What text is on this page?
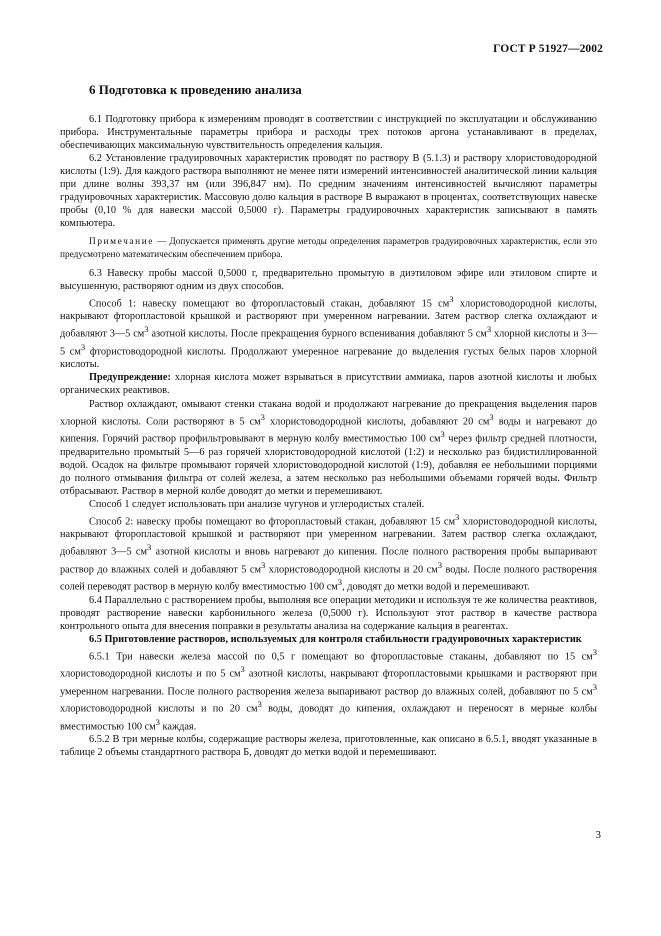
ГОСТ Р 51927—2002
6 Подготовка к проведению анализа

6.1 Подготовку прибора к измерениям проводят в соответствии с инструкцией по эксплуатации и обслуживанию прибора. Инструментальные параметры прибора и расходы трех потоков аргона устанавливают в пределах, обеспечивающих максимальную чувствительность определения кальция.

6.2 Установление градуировочных характеристик проводят по раствору В (5.1.3) и раствору хлористоводородной кислоты (1:9). Для каждого раствора выполняют не менее пяти измерений интенсивностей аналитической линии кальция при длине волны 393,37 нм (или 396,847 нм). По средним значениям интенсивностей вычисляют параметры градуировочных характеристик. Массовую долю кальция в растворе В выражают в процентах, соответствующих навеске пробы (0,10 % для навески массой 0,5000 г). Параметры градуировочных характеристик записывают в память компьютера.

Примечание — Допускается применять другие методы определения параметров градуировочных характеристик, если это предусмотрено математическим обеспечением прибора.

6.3 Навеску пробы массой 0,5000 г, предварительно промытую в диэтиловом эфире или этиловом спирте и высушенную, растворяют одним из двух способов.

Способ 1: навеску помещают во фторопластовый стакан, добавляют 15 $см^3$ хлористоводородной кислоты, накрывают фторопластовой крышкой и растворяют при умеренном нагревании. Затем раствор слегка охлаждают и добавляют 3—5 $см^3$ азотной кислоты. После прекращения бурного вспенивания добавляют 5 $см^3$ хлорной кислоты и 3—5 $см^3$ фтористоводородной кислоты. Продолжают умеренное нагревание до выделения густых белых паров хлорной кислоты.

Предупреждение: хлорная кислота может взрываться в присутствии аммиака, паров азотной кислоты и любых органических реактивов.

Раствор охлаждают, омывают стенки стакана водой и продолжают нагревание до прекращения выделения паров хлорной кислоты. Соли растворяют в 5 $см^3$ хлористоводородной кислоты, добавляют 20 $см^3$ воды и нагревают до кипения. Горячий раствор профильтровывают в мерную колбу вместимостью 100 $см^3$ через фильтр средней плотности, предварительно промытый 5—6 раз горячей хлористоводородной кислотой (1:2) и несколько раз бидистиллированной водой. Осадок на фильтре промывают горячей хлористоводородной кислотой (1:9), добавляя ее небольшими порциями до полного отмывания фильтра от солей железа, а затем несколько раз небольшими объемами горячей воды. Фильтр отбрасывают. Раствор в мерной колбе доводят до метки и перемешивают.

Способ 1 следует использовать при анализе чугунов и углеродистых сталей.

Способ 2: навеску пробы помещают во фторопластовый стакан, добавляют 15 $см^3$ хлористоводородной кислоты, накрывают фторопластовой крышкой и растворяют при умеренном нагревании. Затем раствор слегка охлаждают, добавляют 3—5 $см^3$ азотной кислоты и вновь нагревают до кипения. После полного растворения пробы выпаривают раствор до влажных солей и добавляют 5 $см^3$ хлористоводородной кислоты и 20 $см^3$ воды. После полного растворения солей переводят раствор в мерную колбу вместимостью 100 $см^3$, доводят до метки водой и перемешивают.

6.4 Параллельно с растворением пробы, выполняя все операции методики и используя те же количества реактивов, проводят растворение навески карбонильного железа (0,5000 г). Используют этот раствор в качестве раствора контрольного опыта для внесения поправки в результаты анализа на содержание кальция в реагентах.

6.5 Приготовление растворов, используемых для контроля стабильности градуировочных характеристик

6.5.1 Три навески железа массой по 0,5 г помещают во фторопластовые стаканы, добавляют по 15 $см^3$ хлористоводородной кислоты и по 5 $см^3$ азотной кислоты, накрывают фторопластовыми крышками и растворяют при умеренном нагревании. После полного растворения железа выпаривают раствор до влажных солей, добавляют по 5 $см^3$ хлористоводородной кислоты и по 20 $см^3$ воды, доводят до кипения, охлаждают и переносят в мерные колбы вместимостью 100 $см^3$ каждая.

6.5.2 В три мерные колбы, содержащие растворы железа, приготовленные, как описано в 6.5.1, вводят указанные в таблице 2 объемы стандартного раствора Б, доводят до метки водой и перемешивают.

3
